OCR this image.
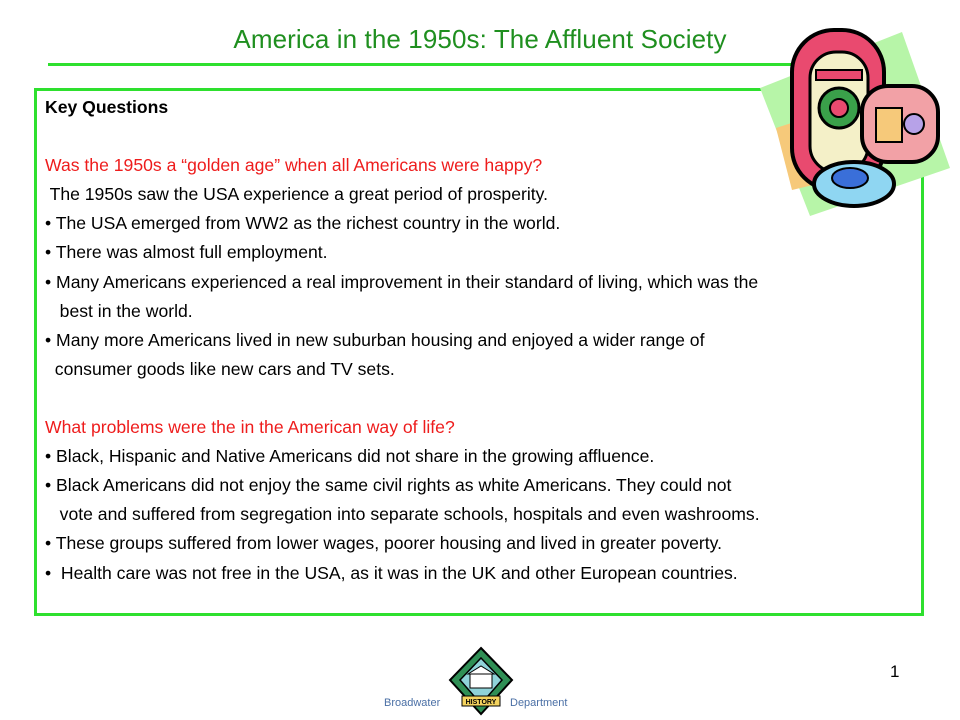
America in the 1950s: The Affluent Society
Key Questions
Was the 1950s a “golden age” when all Americans were happy?
The 1950s saw the USA experience a great period of prosperity.
• The USA emerged from WW2 as the richest country in the world.
• There was almost full employment.
• Many Americans experienced a real improvement in their standard of living, which was the
best in the world.
• Many more Americans lived in new suburban housing and enjoyed a wider range of
consumer goods like new cars and TV sets.
What problems were the in the American way of life?
• Black, Hispanic and Native Americans did not share in the growing affluence.
• Black Americans did not enjoy the same civil rights as white Americans. They could not
vote and suffered from segregation into separate schools, hospitals and even washrooms.
• These groups suffered from lower wages, poorer housing and lived in greater poverty.
•  Health care was not free in the USA, as it was in the UK and other European countries.
1
HISTORY
Broadwater	Department
